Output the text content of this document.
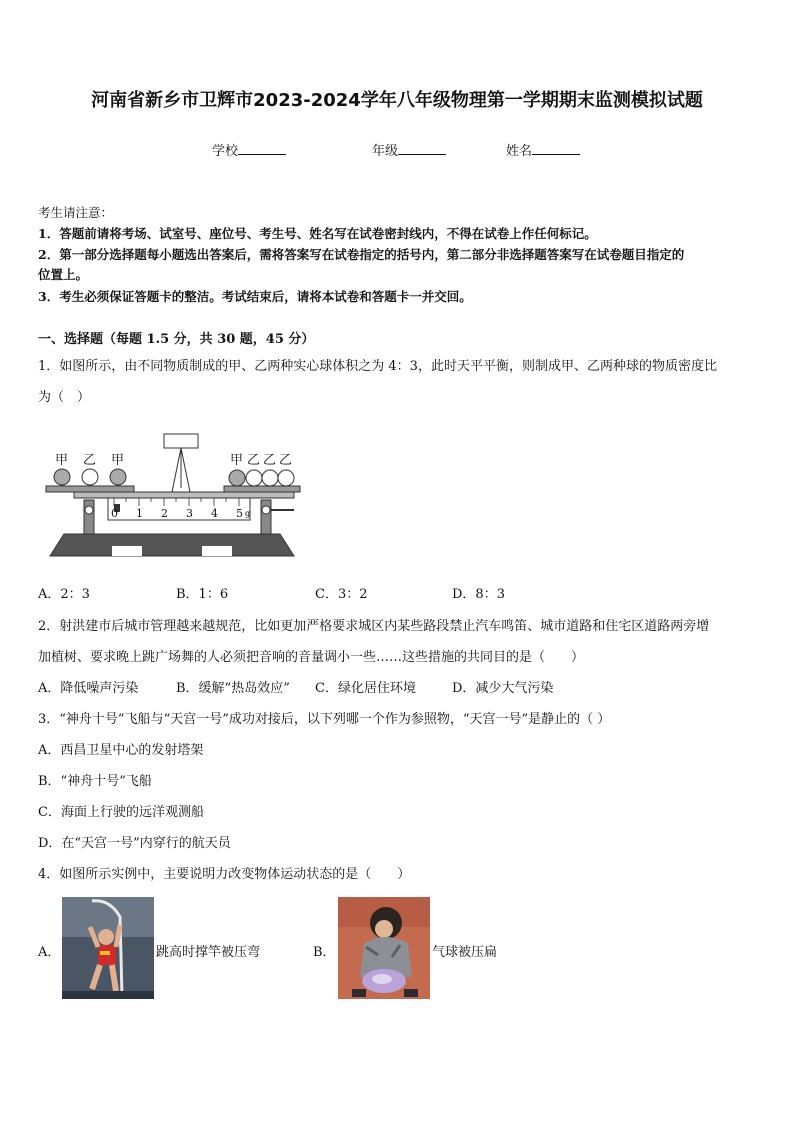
河南省新乡市卫辉市2023-2024学年八年级物理第一学期期末监测模拟试题
学校	年级	姓名
考生请注意：
1．答题前请将考场、试室号、座位号、考生号、姓名写在试卷密封线内，不得在试卷上作任何标记。
2．第一部分选择题每小题选出答案后，需将答案写在试卷指定的括号内，第二部分非选择题答案写在试卷题目指定的
位置上。
3．考生必须保证答题卡的整洁。考试结束后，请将本试卷和答题卡一并交回。
一、选择题（每题 1.5 分，共 30 题，45 分）
1．如图所示，由不同物质制成的甲、乙两种实心球体积之为 4：3，此时天平平衡，则制成甲、乙两种球的物质密度比
为（　）
0 1 2 3 4 5 g
甲 乙 甲	甲 乙 乙 乙
A．2：3	B．1：6	C．3：2	D．8：3
2．射洪建市后城市管理越来越规范，比如更加严格要求城区内某些路段禁止汽车鸣笛、城市道路和住宅区道路两旁增
加植树、要求晚上跳广场舞的人必须把音响的音量调小一些……这些措施的共同目的是（　　）
A．降低噪声污染	B．缓解“热岛效应” C．绿化居住环境	D．减少大气污染
3．“神舟十号”飞船与“天宫一号”成功对接后，以下列哪一个作为参照物，“天宫一号”是静止的（ ）
A．西昌卫星中心的发射塔架
B．“神舟十号”飞船
C．海面上行驶的远洋观测船
D．在“天宫一号”内穿行的航天员
4．如图所示实例中，主要说明力改变物体运动状态的是（　　）
A．	跳高时撑竿被压弯	B．	气球被压扁
